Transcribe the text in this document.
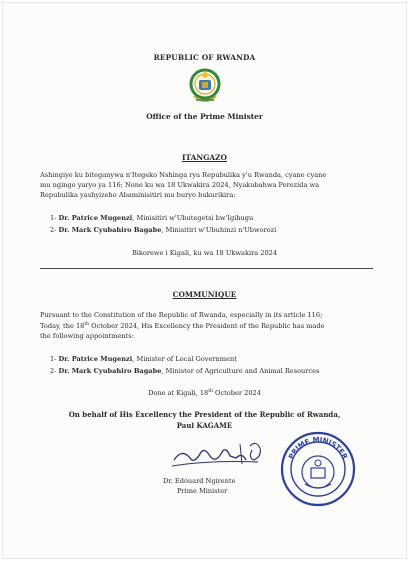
REPUBLIC OF RWANDA
Office of the Prime Minister
ITANGAZO
Ashingiye ku biteganywa n'Itegeko Nshinga rya Repubulika y'u Rwanda, cyane cyane
mu ngingo yaryo ya 116; None ku wa 18 Ukwakira 2024, Nyakubahwa Perezida wa
Repubulika yashyizeho Abaminisitiri mu buryo bukurikira:
1- Dr. Patrice Mugenzi, Minisitiri w'Ubutegetsi bw'Igihugu
2- Dr. Mark Cyubahiro Bagabe, Minisitiri w'Ubuhinzi n'Ubworozi
Bikorewe i Kigali, ku wa 18 Ukwakira 2024
COMMUNIQUE
Pursuant to the Constitution of the Republic of Rwanda, especially in its article 116;
Today, the 18th October 2024, His Excellency the President of the Republic has made
the following appointments:
1- Dr. Patrice Mugenzi, Minister of Local Government
2- Dr. Mark Cyubahiro Bagabe, Minister of Agriculture and Animal Resources
Done at Kigali, 18th October 2024
On behalf of His Excellency the President of the Republic of Rwanda,
Paul KAGAME
Dr. Edouard Ngirente
Prime Minister
PRIME MINISTER
